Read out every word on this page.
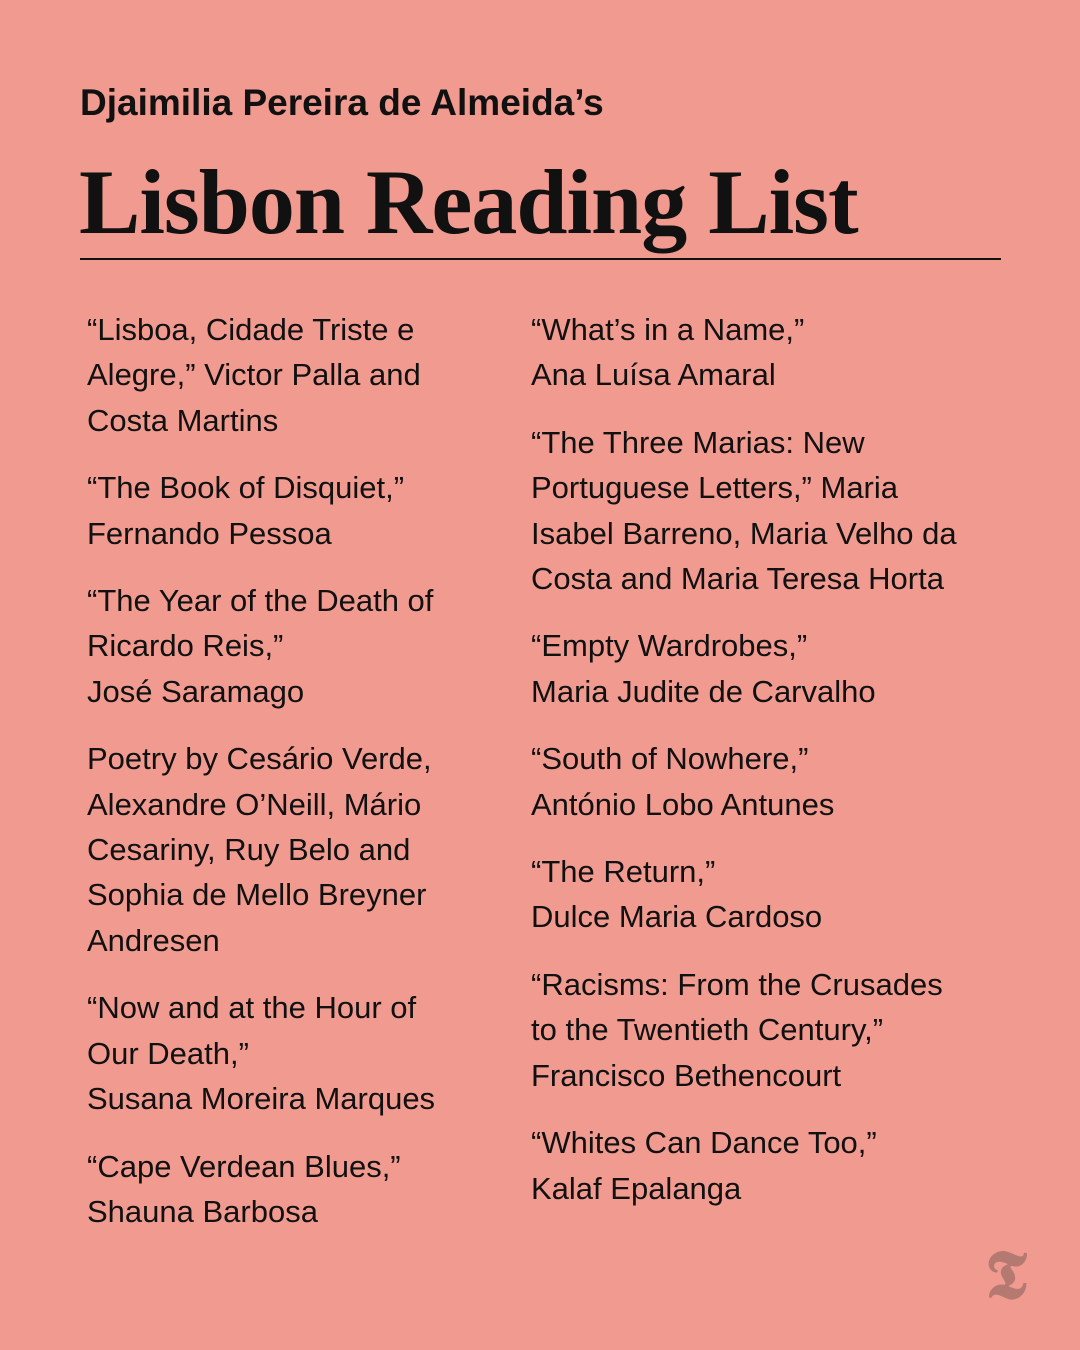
Djaimilia Pereira de Almeida’s
Lisbon Reading List
“Lisboa, Cidade Triste e
Alegre,” Victor Palla and
Costa Martins
“The Book of Disquiet,”
Fernando Pessoa
“The Year of the Death of
Ricardo Reis,”
José Saramago
Poetry by Cesário Verde,
Alexandre O’Neill, Mário
Cesariny, Ruy Belo and
Sophia de Mello Breyner
Andresen
“Now and at the Hour of
Our Death,”
Susana Moreira Marques
“Cape Verdean Blues,”
Shauna Barbosa
“What’s in a Name,”
Ana Luísa Amaral
“The Three Marias: New
Portuguese Letters,” Maria
Isabel Barreno, Maria Velho da
Costa and Maria Teresa Horta
“Empty Wardrobes,”
Maria Judite de Carvalho
“South of Nowhere,”
António Lobo Antunes
“The Return,”
Dulce Maria Cardoso
“Racisms: From the Crusades
to the Twentieth Century,”
Francisco Bethencourt
“Whites Can Dance Too,”
Kalaf Epalanga
𝕿
